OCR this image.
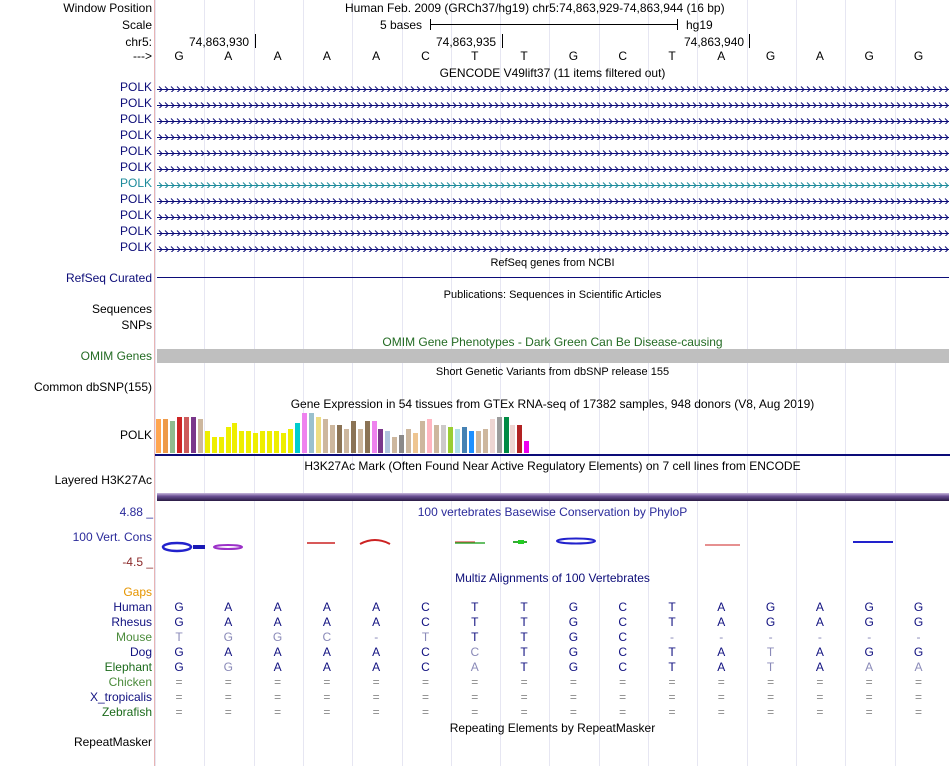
Window Position	Human Feb. 2009 (GRCh37/hg19) chr5:74,863,929-74,863,944 (16 bp)
Scale	5 bases	hg19
chr5:	74,863,930	74,863,935	74,863,940
--->	G	A	A	A	A	C	T	T	G	C	T	A	G	A	G	G
GENCODE V49lift37 (11 items filtered out)
POLK
POLK
POLK
POLK
POLK
POLK
POLK
POLK
POLK
POLK
POLK
RefSeq genes from NCBI
RefSeq Curated
Publications: Sequences in Scientific Articles
Sequences
SNPs
OMIM Gene Phenotypes - Dark Green Can Be Disease-causing
OMIM Genes
Short Genetic Variants from dbSNP release 155
Common dbSNP(155)
Gene Expression in 54 tissues from GTEx RNA-seq of 17382 samples, 948 donors (V8, Aug 2019)
POLK
H3K27Ac Mark (Often Found Near Active Regulatory Elements) on 7 cell lines from ENCODE
Layered H3K27Ac
100 vertebrates Basewise Conservation by PhyloP
4.88 _
100 Vert. Cons
-4.5 _
Multiz Alignments of 100 Vertebrates
Gaps
Human	G	A	A	A	A	C	T	T	G	C	T	A	G	A	G	G
Rhesus	G	A	A	A	A	C	T	T	G	C	T	A	G	A	G	G
Mouse	T	G	G	C	-	T	T	T	G	C	-	-	-	-	-	-
Dog	G	A	A	A	A	C	C	T	G	C	T	A	T	A	G	G
Elephant	G	G	A	A	A	C	A	T	G	C	T	A	T	A	A	A
Chicken	=	=	=	=	=	=	=	=	=	=	=	=	=	=	=	=
X_tropicalis	=	=	=	=	=	=	=	=	=	=	=	=	=	=	=	=
Zebrafish	=	=	=	=	=	=	=	=	=	=	=	=	=	=	=	=
Repeating Elements by RepeatMasker
RepeatMasker
